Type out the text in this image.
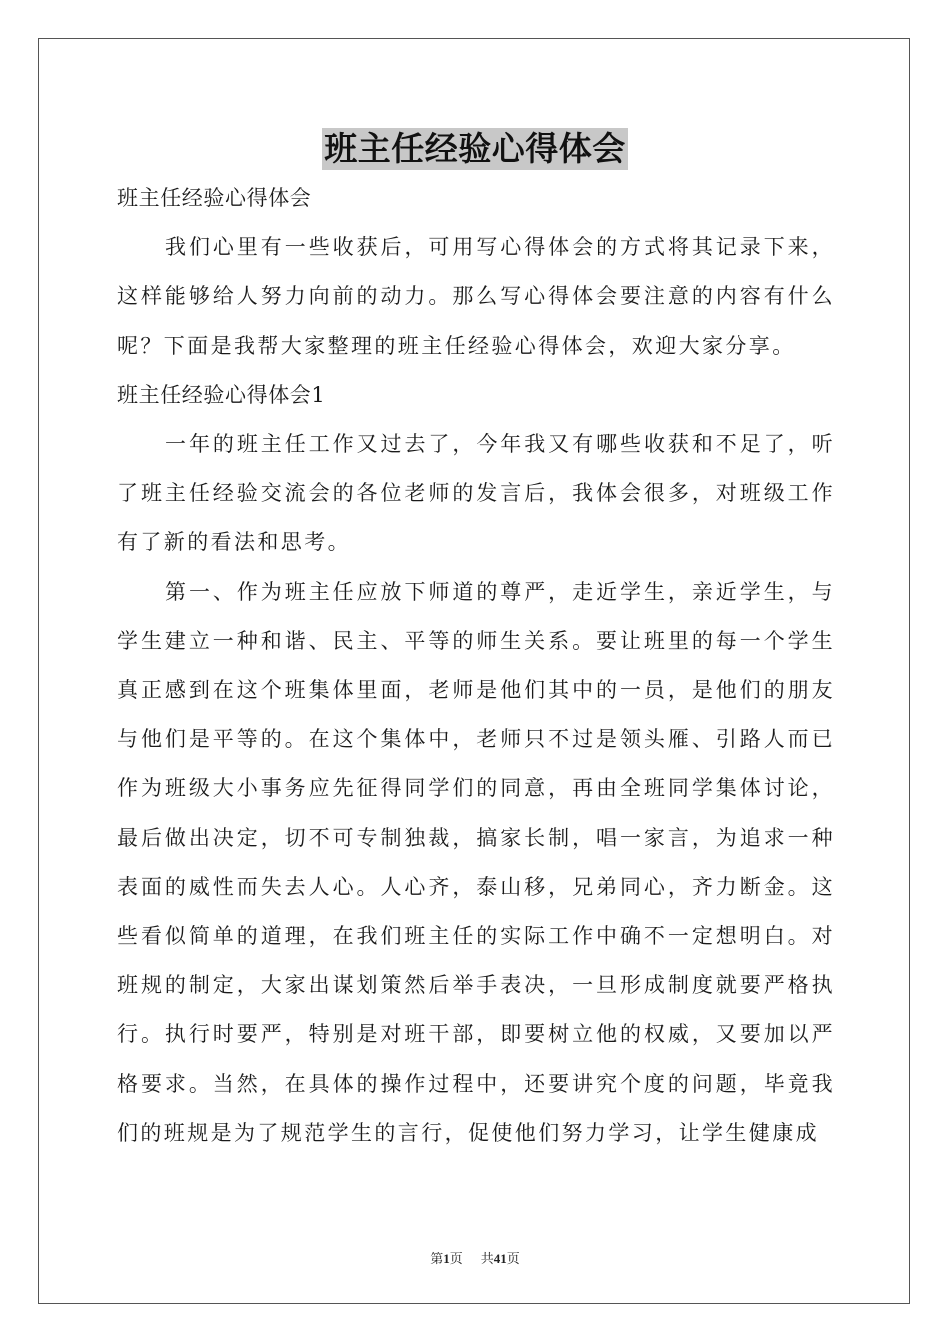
班主任经验心得体会

班主任经验心得体会

我们心里有一些收获后，可用写心得体会的方式将其记录下来，这样能够给人努力向前的动力。那么写心得体会要注意的内容有什么呢？下面是我帮大家整理的班主任经验心得体会，欢迎大家分享。

班主任经验心得体会1

一年的班主任工作又过去了，今年我又有哪些收获和不足了，听了班主任经验交流会的各位老师的发言后，我体会很多，对班级工作有了新的看法和思考。

第一、作为班主任应放下师道的尊严，走近学生，亲近学生，与学生建立一种和谐、民主、平等的师生关系。要让班里的每一个学生真正感到在这个班集体里面，老师是他们其中的一员，是他们的朋友与他们是平等的。在这个集体中，老师只不过是领头雁、引路人而已作为班级大小事务应先征得同学们的同意，再由全班同学集体讨论，最后做出决定，切不可专制独裁，搞家长制，唱一家言，为追求一种表面的威性而失去人心。人心齐，泰山移，兄弟同心，齐力断金。这些看似简单的道理，在我们班主任的实际工作中确不一定想明白。对班规的制定，大家出谋划策然后举手表决，一旦形成制度就要严格执行。执行时要严，特别是对班干部，即要树立他的权威，又要加以严格要求。当然，在具体的操作过程中，还要讲究个度的问题，毕竟我们的班规是为了规范学生的言行，促使他们努力学习，让学生健康成

第1页 共41页
